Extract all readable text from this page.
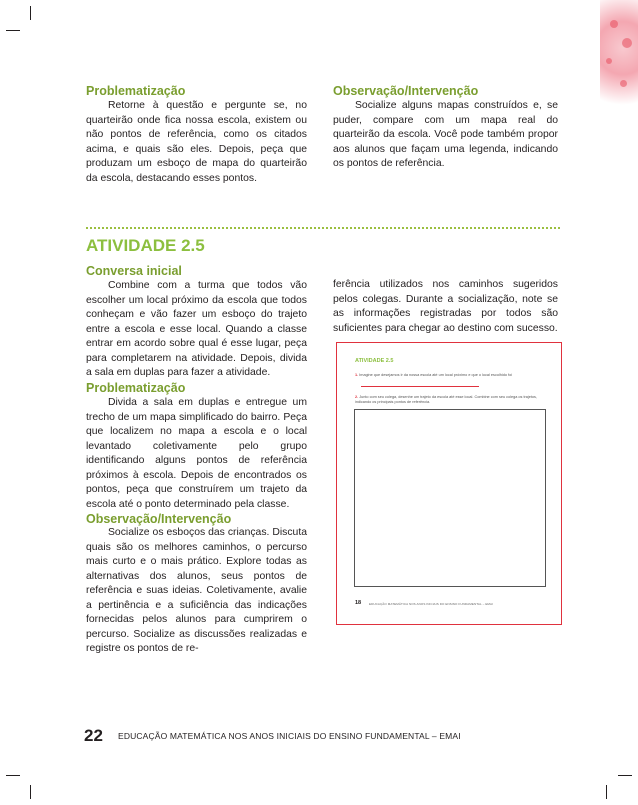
Problematização

Retorne à questão e pergunte se, no quarteirão onde fica nossa escola, existem ou não pontos de referência, como os citados acima, e quais são eles. Depois, peça que produzam um esboço de mapa do quarteirão da escola, destacando esses pontos.

Observação/Intervenção

Socialize alguns mapas construídos e, se puder, compare com um mapa real do quarteirão da escola. Você pode também propor aos alunos que façam uma legenda, indicando os pontos de referência.

ATIVIDADE 2.5
Conversa inicial

Combine com a turma que todos vão escolher um local próximo da escola que todos conheçam e vão fazer um esboço do trajeto entre a escola e esse local. Quando a classe entrar em acordo sobre qual é esse lugar, peça para completarem na atividade. Depois, divida a sala em duplas para fazer a atividade.

Problematização

Divida a sala em duplas e entregue um trecho de um mapa simplificado do bairro. Peça que localizem no mapa a escola e o local levantado coletivamente pelo grupo identificando alguns pontos de referência próximos à escola. Depois de encontrados os pontos, peça que construírem um trajeto da escola até o ponto determinado pela classe.

Observação/Intervenção

Socialize os esboços das crianças. Discuta quais são os melhores caminhos, o percurso mais curto e o mais prático. Explore todas as alternativas dos alunos, seus pontos de referência e suas ideias. Coletivamente, avalie a pertinência e a suficiência das indicações fornecidas pelos alunos para cumprirem o percurso. Socialize as discussões realizadas e registre os pontos de re-

ferência utilizados nos caminhos sugeridos pelos colegas. Durante a socialização, note se as informações registradas por todos são suficientes para chegar ao destino com sucesso.

ATIVIDADE 2.5
1. Imagine que desejamos ir da nossa escola até um local próximo e que o local escolhido foi
2. Junto com seu colega, desenhe um trajeto da escola até esse local. Combine com seu colega os trajetos, indicando os principais pontos de referência.
18	EDUCAÇÃO MATEMÁTICA NOS ANOS INICIAIS DO ENSINO FUNDAMENTAL – EMAI
22 EDUCAÇÃO MATEMÁTICA NOS ANOS INICIAIS DO ENSINO FUNDAMENTAL – EMAI
